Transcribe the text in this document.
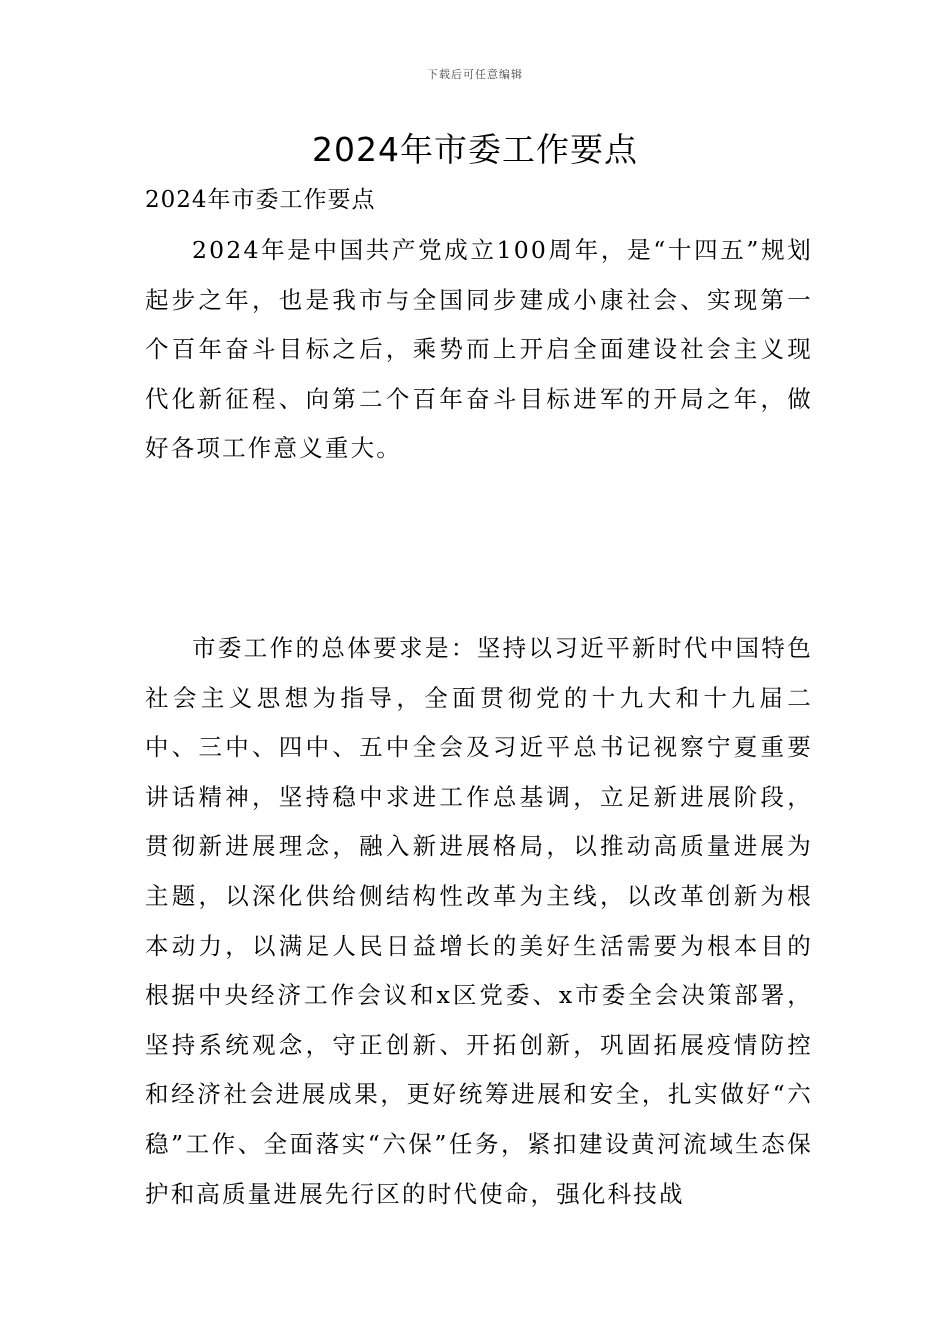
下载后可任意编辑
2024年市委工作要点
2024年市委工作要点

2024年是中国共产党成立100周年，是“十四五”规划起步之年，也是我市与全国同步建成小康社会、实现第一个百年奋斗目标之后，乘势而上开启全面建设社会主义现代化新征程、向第二个百年奋斗目标进军的开局之年，做好各项工作意义重大。

市委工作的总体要求是：坚持以习近平新时代中国特色社会主义思想为指导，全面贯彻党的十九大和十九届二中、三中、四中、五中全会及习近平总书记视察宁夏重要讲话精神，坚持稳中求进工作总基调，立足新进展阶段，贯彻新进展理念，融入新进展格局，以推动高质量进展为主题，以深化供给侧结构性改革为主线，以改革创新为根本动力，以满足人民日益增长的美好生活需要为根本目的根据中央经济工作会议和x区党委、x市委全会决策部署，坚持系统观念，守正创新、开拓创新，巩固拓展疫情防控和经济社会进展成果，更好统筹进展和安全，扎实做好“六稳”工作、全面落实“六保”任务，紧扣建设黄河流域生态保护和高质量进展先行区的时代使命，强化科技战
